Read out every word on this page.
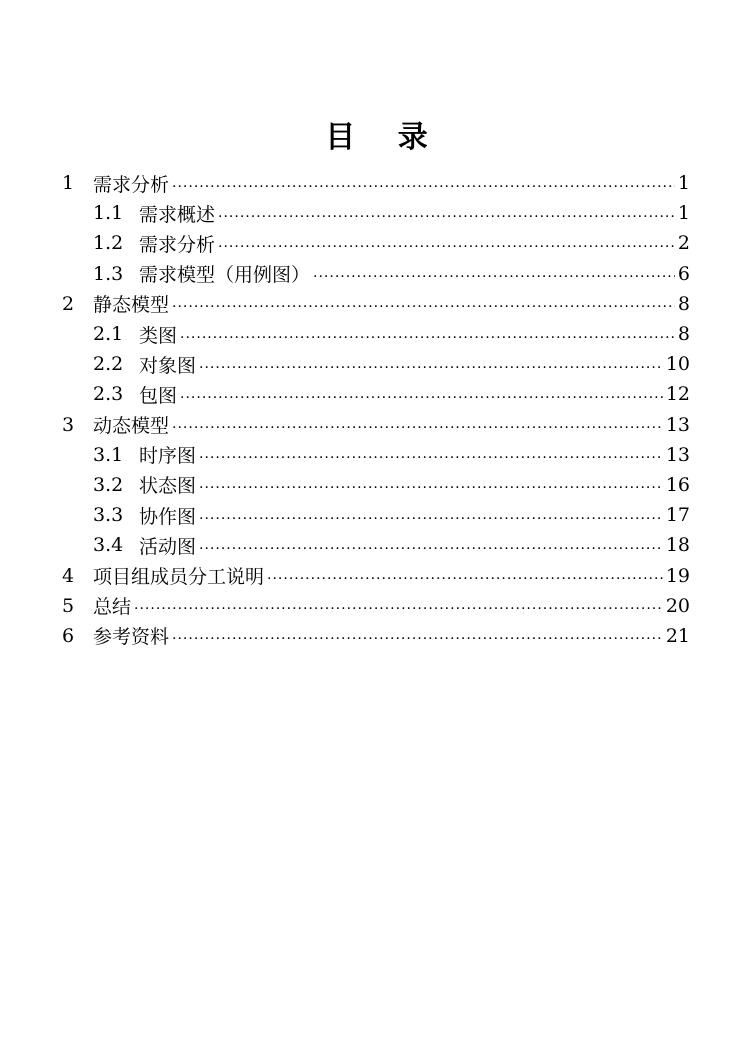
目 录
1 需求分析 .....	1
1.1 需求概述 .....	1
1.2 需求分析 .....	2
1.3 需求模型（用例图） .....	6
2 静态模型 .....	8
2.1 类图 .....	8
2.2 对象图 .....	10
2.3 包图 .....	12
3 动态模型 .....	13
3.1 时序图 .....	13
3.2 状态图 .....	16
3.3 协作图 .....	17
3.4 活动图 .....	18
4 项目组成员分工说明 .....	19
5 总结 .....	20
6 参考资料 .....	21
